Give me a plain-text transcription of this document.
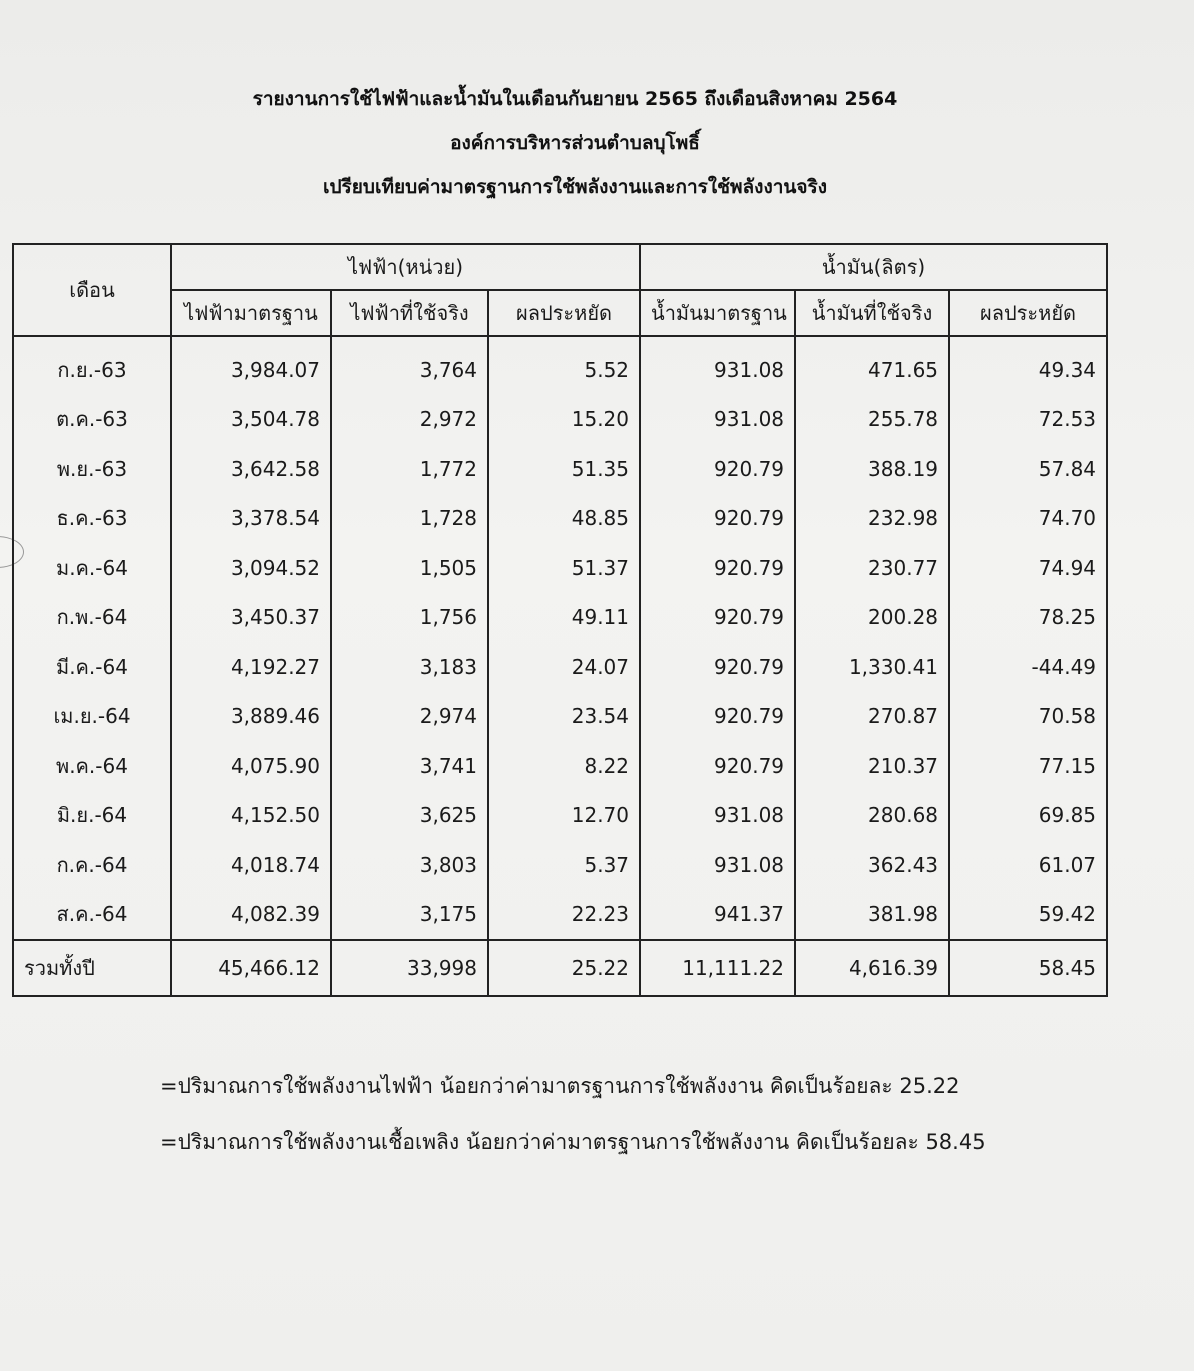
รายงานการใช้ไฟฟ้าและน้ำมันในเดือนกันยายน 2565 ถึงเดือนสิงหาคม 2564
องค์การบริหารส่วนตำบลบุโพธิ์
เปรียบเทียบค่ามาตรฐานการใช้พลังงานและการใช้พลังงานจริง
เดือน	ไฟฟ้า(หน่วย)			น้ำมัน(ลิตร)		
	ไฟฟ้ามาตรฐาน	ไฟฟ้าที่ใช้จริง	ผลประหยัด	น้ำมันมาตรฐาน	น้ำมันที่ใช้จริง	ผลประหยัด
ก.ย.-63	3,984.07	3,764	5.52	931.08	471.65	49.34
ต.ค.-63	3,504.78	2,972	15.20	931.08	255.78	72.53
พ.ย.-63	3,642.58	1,772	51.35	920.79	388.19	57.84
ธ.ค.-63	3,378.54	1,728	48.85	920.79	232.98	74.70
ม.ค.-64	3,094.52	1,505	51.37	920.79	230.77	74.94
ก.พ.-64	3,450.37	1,756	49.11	920.79	200.28	78.25
มี.ค.-64	4,192.27	3,183	24.07	920.79	1,330.41	-44.49
เม.ย.-64	3,889.46	2,974	23.54	920.79	270.87	70.58
พ.ค.-64	4,075.90	3,741	8.22	920.79	210.37	77.15
มิ.ย.-64	4,152.50	3,625	12.70	931.08	280.68	69.85
ก.ค.-64	4,018.74	3,803	5.37	931.08	362.43	61.07
ส.ค.-64	4,082.39	3,175	22.23	941.37	381.98	59.42
รวมทั้งปี	45,466.12	33,998	25.22	11,111.22	4,616.39	58.45
=ปริมาณการใช้พลังงานไฟฟ้า น้อยกว่าค่ามาตรฐานการใช้พลังงาน คิดเป็นร้อยละ 25.22
=ปริมาณการใช้พลังงานเชื้อเพลิง น้อยกว่าค่ามาตรฐานการใช้พลังงาน คิดเป็นร้อยละ 58.45
